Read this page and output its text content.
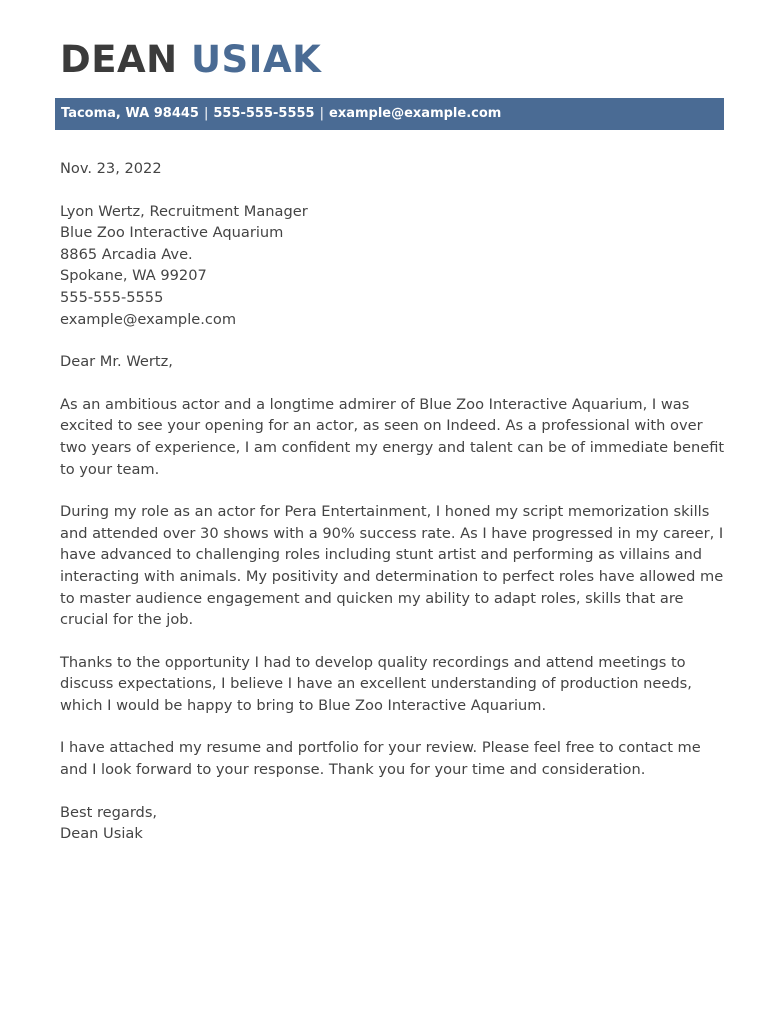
DEAN USIAK
Tacoma, WA 98445 | 555-555-5555 | example@example.com

Nov. 23, 2022

Lyon Wertz, Recruitment Manager
Blue Zoo Interactive Aquarium
8865 Arcadia Ave.
Spokane, WA 99207
555-555-5555
example@example.com

Dear Mr. Wertz,

As an ambitious actor and a longtime admirer of Blue Zoo Interactive Aquarium, I was excited to see your opening for an actor, as seen on Indeed. As a professional with over two years of experience, I am confident my energy and talent can be of immediate benefit to your team.

During my role as an actor for Pera Entertainment, I honed my script memorization skills and attended over 30 shows with a 90% success rate. As I have progressed in my career, I have advanced to challenging roles including stunt artist and performing as villains and interacting with animals. My positivity and determination to perfect roles have allowed me to master audience engagement and quicken my ability to adapt roles, skills that are crucial for the job.

Thanks to the opportunity I had to develop quality recordings and attend meetings to discuss expectations, I believe I have an excellent understanding of production needs, which I would be happy to bring to Blue Zoo Interactive Aquarium.

I have attached my resume and portfolio for your review. Please feel free to contact me and I look forward to your response. Thank you for your time and consideration.

Best regards,
Dean Usiak
